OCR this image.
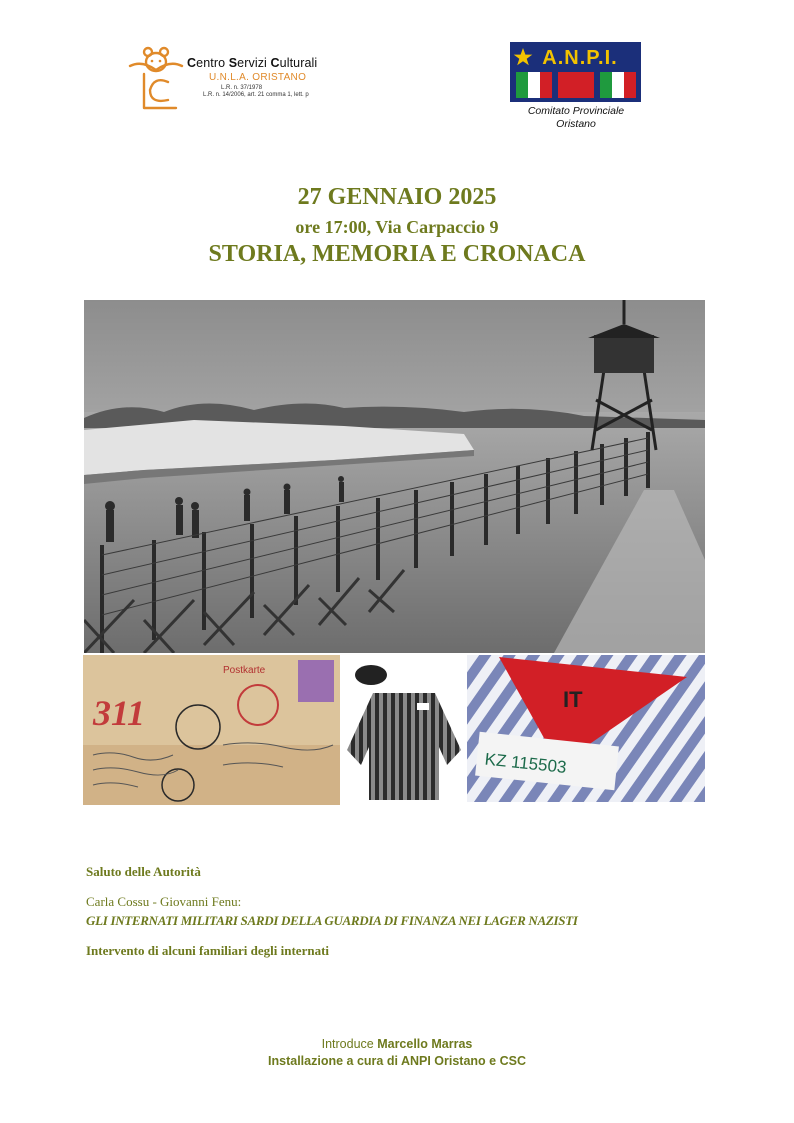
Centro Servizi Culturali
U.N.L.A. ORISTANO
L.R. n. 37/1978
L.R. n. 14/2006, art. 21 comma 1, lett. p
A.N.P.I.
Comitato Provinciale
Oristano
27 GENNAIO 2025
ore 17:00, Via Carpaccio 9
STORIA, MEMORIA E CRONACA
Postkarte
311	IT
KZ 115503
Saluto delle Autorità
Carla Cossu - Giovanni Fenu:
GLI INTERNATI MILITARI SARDI DELLA GUARDIA DI FINANZA NEI LAGER NAZISTI
Intervento di alcuni familiari degli internati
Introduce Marcello Marras
Installazione a cura di ANPI Oristano e CSC
